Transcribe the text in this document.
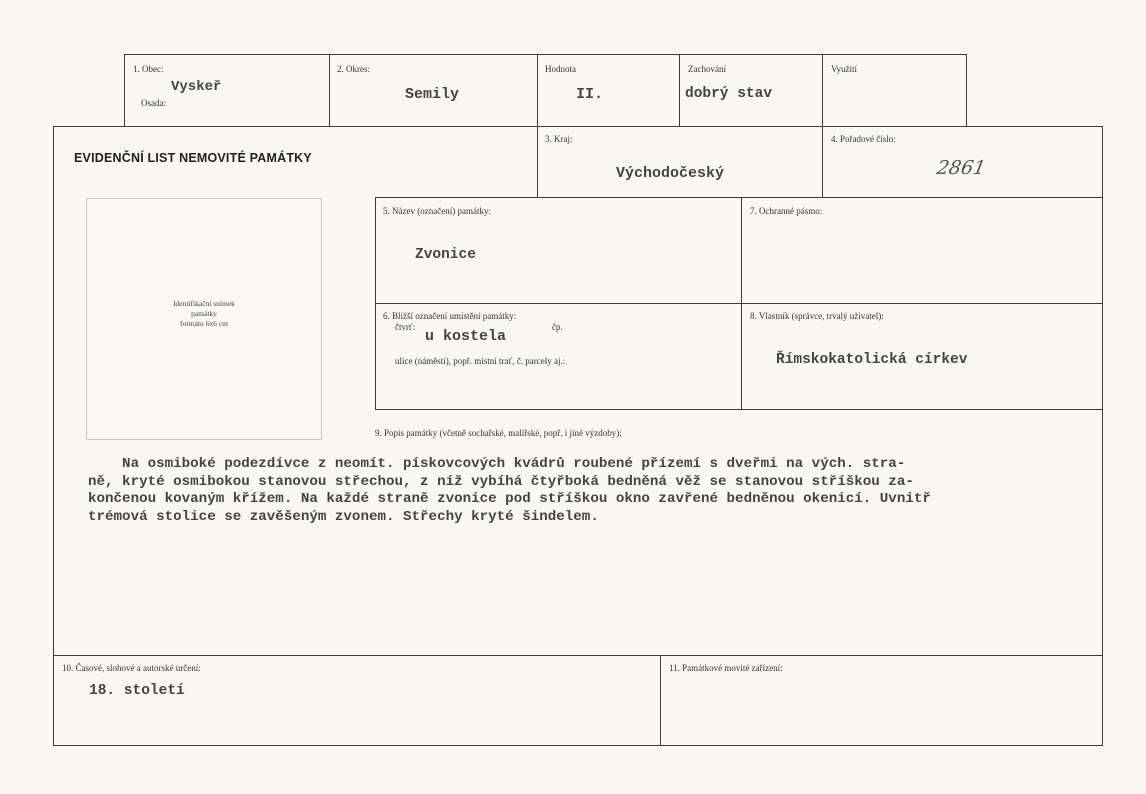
1. Obec:
Vyskeř
Osada:
2. Okres:
Semily
Hodnota
II.
Zachování
dobrý stav
Využití
EVIDENČNÍ LIST NEMOVITÉ PAMÁTKY
3. Kraj:
Východočeský
4. Pořadové číslo:
2861
Identifikační snímek
památky
formátu 6x6 cm
5. Název (označení) památky:
Zvonice
7. Ochranné pásmo:
6. Bližší označení umístění památky:
čtvrť:
u kostela
čp.
ulice (náměstí), popř. místní trať, č. parcely aj.:
8. Vlastník (správce, trvalý uživatel):
Římskokatolická církev
9. Popis památky (včetně sochařské, malířské, popř. i jiné výzdoby):
Na osmiboké podezdívce z neomít. pískovcových kvádrů roubené přízemí s dveřmi na vých. stra-
ně, kryté osmibokou stanovou střechou, z níž vybíhá čtyřboká bedněná věž se stanovou stříškou za-
končenou kovaným křížem. Na každé straně zvonice pod stříškou okno zavřené bedněnou okenicí. Uvnitř
trémová stolice se zavěšeným zvonem. Střechy kryté šindelem.
10. Časové, slohové a autorské určení:
18. století
11. Památkové movité zařízení:
